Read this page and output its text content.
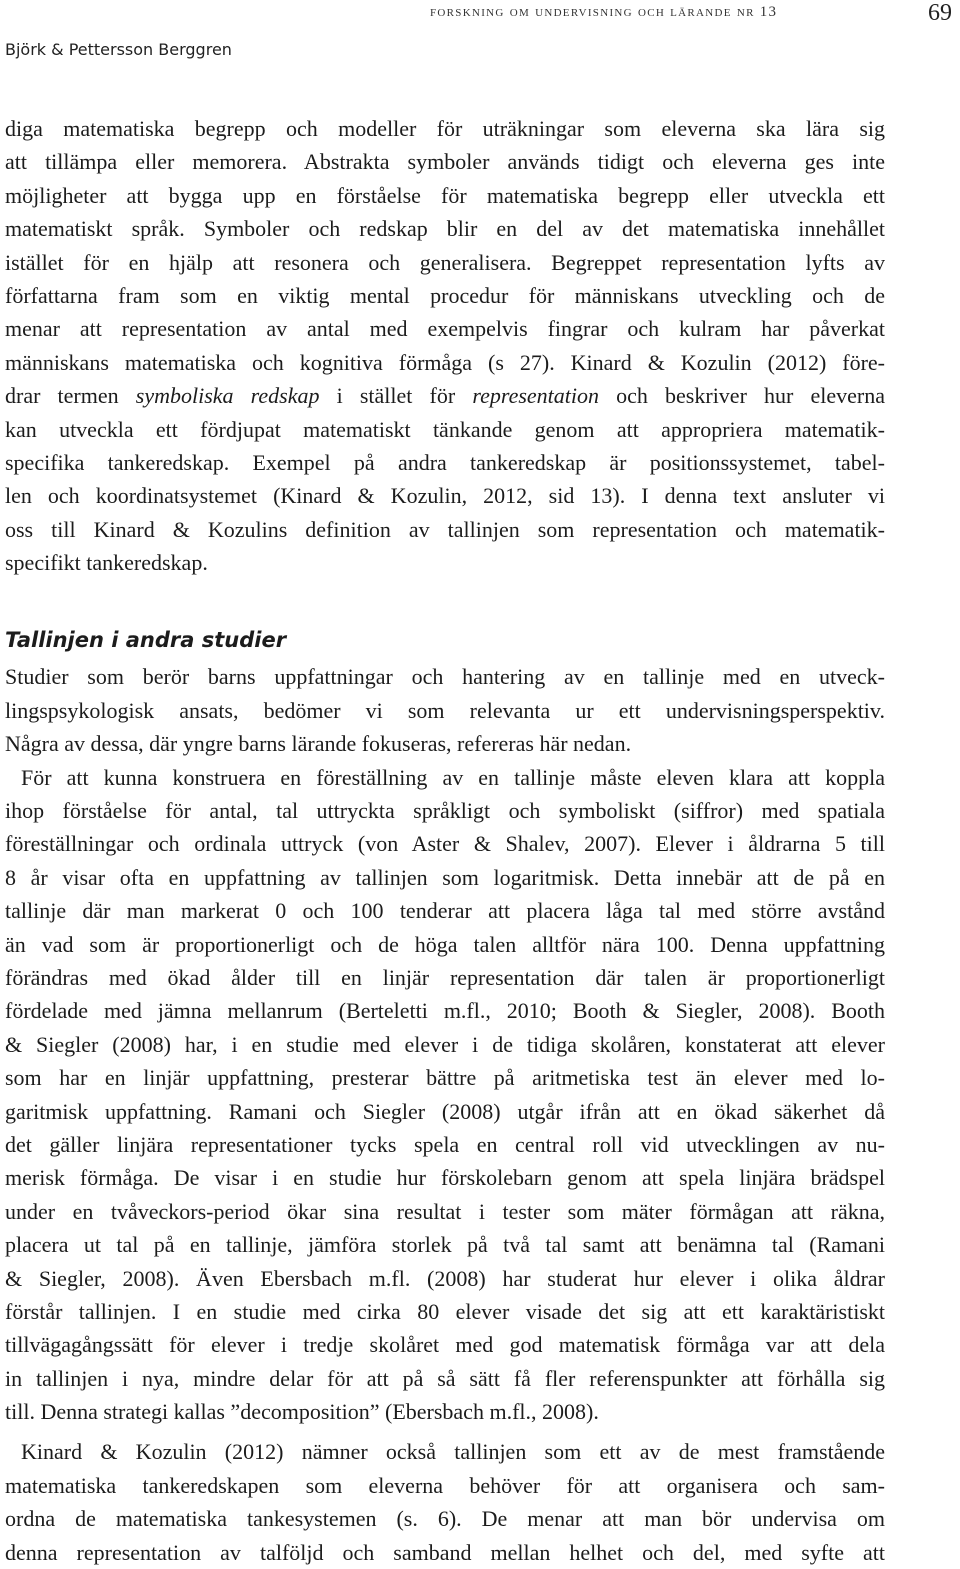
forskning om undervisning och lärande nr 13	69
Björk & Pettersson Berggren
diga matematiska begrepp och modeller för uträkningar som eleverna ska lära sig
att tillämpa eller memorera. Abstrakta symboler används tidigt och eleverna ges inte
möjligheter att bygga upp en förståelse för matematiska begrepp eller utveckla ett
matematiskt språk. Symboler och redskap blir en del av det matematiska innehållet
istället för en hjälp att resonera och generalisera. Begreppet representation lyfts av
författarna fram som en viktig mental procedur för människans utveckling och de
menar att representation av antal med exempelvis fingrar och kulram har påverkat
människans matematiska och kognitiva förmåga (s 27). Kinard & Kozulin (2012) före-
drar termen symboliska redskap i stället för representation och beskriver hur eleverna
kan utveckla ett fördjupat matematiskt tänkande genom att appropriera matematik-
specifika tankeredskap. Exempel på andra tankeredskap är positionssystemet, tabel-
len och koordinatsystemet (Kinard & Kozulin, 2012, sid 13). I denna text ansluter vi
oss till Kinard & Kozulins definition av tallinjen som representation och matematik-
specifikt tankeredskap.
Tallinjen i andra studier
Studier som berör barns uppfattningar och hantering av en tallinje med en utveck-
lingspsykologisk ansats, bedömer vi som relevanta ur ett undervisningsperspektiv.
Några av dessa, där yngre barns lärande fokuseras, refereras här nedan.
För att kunna konstruera en föreställning av en tallinje måste eleven klara att koppla
ihop förståelse för antal, tal uttryckta språkligt och symboliskt (siffror) med spatiala
föreställningar och ordinala uttryck (von Aster & Shalev, 2007). Elever i åldrarna 5 till
8 år visar ofta en uppfattning av tallinjen som logaritmisk. Detta innebär att de på en
tallinje där man markerat 0 och 100 tenderar att placera låga tal med större avstånd
än vad som är proportionerligt och de höga talen alltför nära 100. Denna uppfattning
förändras med ökad ålder till en linjär representation där talen är proportionerligt
fördelade med jämna mellanrum (Berteletti m.fl., 2010; Booth & Siegler, 2008). Booth
& Siegler (2008) har, i en studie med elever i de tidiga skolåren, konstaterat att elever
som har en linjär uppfattning, presterar bättre på aritmetiska test än elever med lo-
garitmisk uppfattning. Ramani och Siegler (2008) utgår ifrån att en ökad säkerhet då
det gäller linjära representationer tycks spela en central roll vid utvecklingen av nu-
merisk förmåga. De visar i en studie hur förskolebarn genom att spela linjära brädspel
under en tvåveckors-period ökar sina resultat i tester som mäter förmågan att räkna,
placera ut tal på en tallinje, jämföra storlek på två tal samt att benämna tal (Ramani
& Siegler, 2008). Även Ebersbach m.fl. (2008) har studerat hur elever i olika åldrar
förstår tallinjen. I en studie med cirka 80 elever visade det sig att ett karaktäristiskt
tillvägagångssätt för elever i tredje skolåret med god matematisk förmåga var att dela
in tallinjen i nya, mindre delar för att på så sätt få fler referenspunkter att förhålla sig
till. Denna strategi kallas ”decomposition” (Ebersbach m.fl., 2008).
Kinard & Kozulin (2012) nämner också tallinjen som ett av de mest framstående
matematiska tankeredskapen som eleverna behöver för att organisera och sam-
ordna de matematiska tankesystemen (s. 6). De menar att man bör undervisa om
denna representation av talföljd och samband mellan helhet och del, med syfte att
